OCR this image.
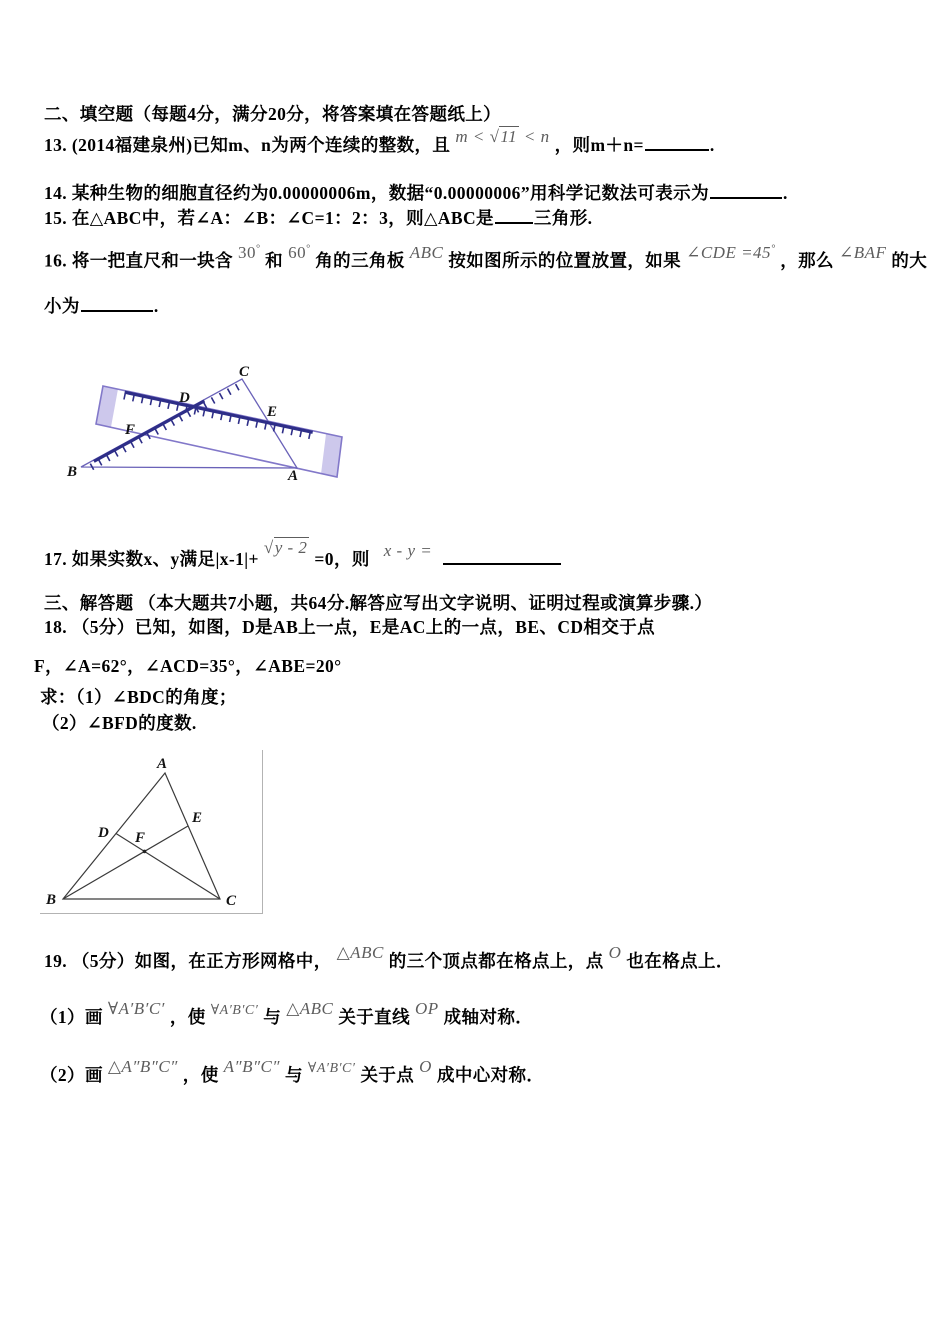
二、填空题（每题4分，满分20分，将答案填在答题纸上）
13. (2014福建泉州)已知m、n为两个连续的整数，且 m < √11 < n ，则m＋n=	.
14. 某种生物的细胞直径约为0.00000006m，数据“0.00000006”用科学记数法可表示为	.
15. 在△ABC中，若∠A：∠B：∠C=1：2：3，则△ABC是 三角形.
16. 将一把直尺和一块含 30°和 60°角的三角板 ABC 按如图所示的位置放置，如果 ∠CDE =45°，那么 ∠BAF 的大
小为	.
C
D
E
F
B	A
17. 如果实数x、y满足|x-1|+√y - 2=0，则 x - y =
三、解答题 （本大题共7小题，共64分.解答应写出文字说明、证明过程或演算步骤.）
18. （5分）已知，如图，D是AB上一点，E是AC上的一点，BE、CD相交于点
F，∠A=62°，∠ACD=35°，∠ABE=20°
求：（1）∠BDC的角度；
（2）∠BFD的度数.
A
B	C
D
E
F
19. （5分）如图，在正方形网格中， △ABC 的三个顶点都在格点上，点 O 也在格点上．
（1）画 ∀A′B′C′ ，使 $^{\forall A'B'C'}$ 与 △ABC 关于直线 OP 成轴对称．
（2）画 △A″B″C″ ，使 A″B″C″ 与 $^{\forall A'B'C'}$ 关于点 O 成中心对称．
